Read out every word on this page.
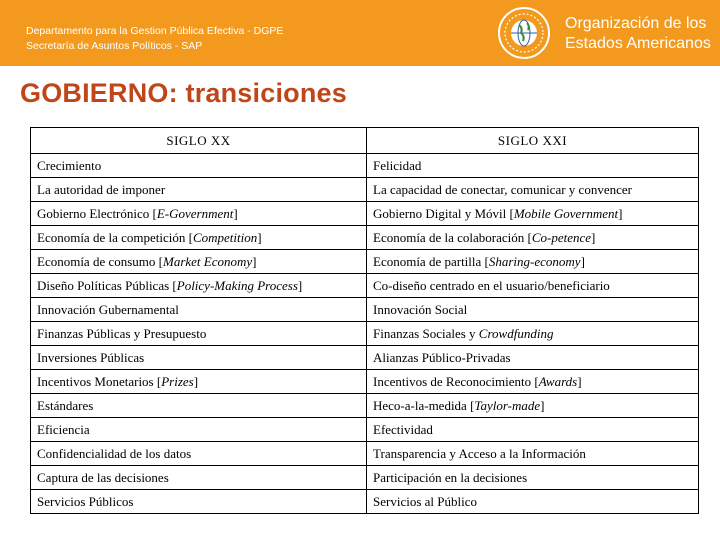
Departamento para la Gestion Pública Efectiva - DGPE
Secretaría de Asuntos Políticos - SAP
Organización de los
Estados Americanos
GOBIERNO: transiciones
SIGLO XX	SIGLO XXI
Crecimiento	Felicidad
La autoridad de imponer	La capacidad de conectar, comunicar y convencer
Gobierno Electrónico [E-Government]	Gobierno Digital y Móvil [Mobile Government]
Economía de la competición [Competition]	Economía de la colaboración [Co-petence]
Economía de consumo [Market Economy]	Economía de partilla [Sharing-economy]
Diseño Políticas Públicas [Policy-Making Process]	Co-diseño centrado en el usuario/beneficiario
Innovación Gubernamental	Innovación Social
Finanzas Públicas y Presupuesto	Finanzas Sociales y Crowdfunding
Inversiones Públicas	Alianzas Público-Privadas
Incentivos Monetarios [Prizes]	Incentivos de Reconocimiento [Awards]
Estándares	Heco-a-la-medida [Taylor-made]
Eficiencia	Efectividad
Confidencialidad de los datos	Transparencia y Acceso a la Información
Captura de las decisiones	Participación en la decisiones
Servicios Públicos	Servicios al Público
